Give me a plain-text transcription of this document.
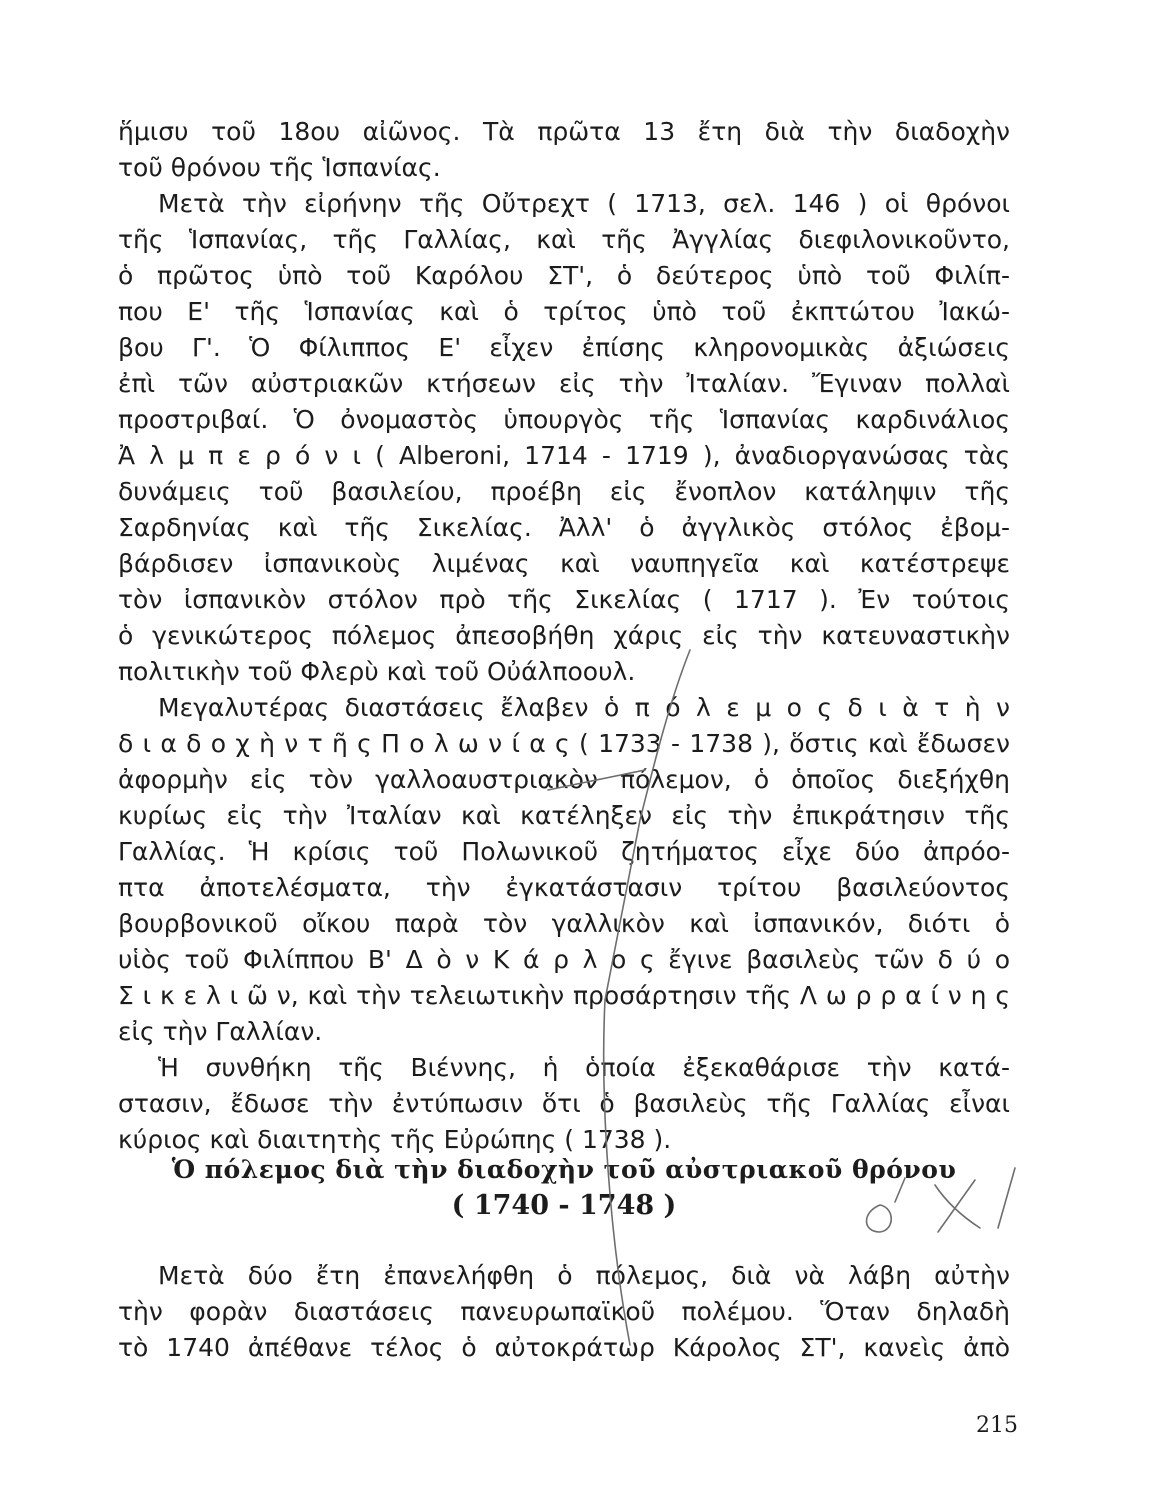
ἥμισυ τοῦ 18ου αἰῶνος. Τὰ πρῶτα 13 ἔτη διὰ τὴν διαδοχὴν
τοῦ θρόνου τῆς Ἱσπανίας.
Μετὰ τὴν εἰρήνην τῆς Οὔτρεχτ ( 1713, σελ. 146 ) οἱ θρόνοι
τῆς Ἱσπανίας, τῆς Γαλλίας, καὶ τῆς Ἀγγλίας διεφιλονικοῦντο,
ὁ πρῶτος ὑπὸ τοῦ Καρόλου ΣΤ', ὁ δεύτερος ὑπὸ τοῦ Φιλίπ-
που Ε' τῆς Ἱσπανίας καὶ ὁ τρίτος ὑπὸ τοῦ ἐκπτώτου Ἰακώ-
βου Γ'. Ὁ Φίλιππος Ε' εἶχεν ἐπίσης κληρονομικὰς ἀξιώσεις
ἐπὶ τῶν αὐστριακῶν κτήσεων εἰς τὴν Ἰταλίαν. Ἔγιναν πολλαὶ
προστριβαί. Ὁ ὀνομαστὸς ὑπουργὸς τῆς Ἱσπανίας καρδινάλιος
Ἀ λ μ π ε ρ ό ν ι ( Alberoni, 1714 - 1719 ), ἀναδιοργανώσας τὰς
δυνάμεις τοῦ βασιλείου, προέβη εἰς ἔνοπλον κατάληψιν τῆς
Σαρδηνίας καὶ τῆς Σικελίας. Ἀλλ' ὁ ἀγγλικὸς στόλος ἐβομ-
βάρδισεν ἰσπανικοὺς λιμένας καὶ ναυπηγεῖα καὶ κατέστρεψε
τὸν ἰσπανικὸν στόλον πρὸ τῆς Σικελίας ( 1717 ). Ἐν τούτοις
ὁ γενικώτερος πόλεμος ἀπεσοβήθη χάρις εἰς τὴν κατευναστικὴν
πολιτικὴν τοῦ Φλερὺ καὶ τοῦ Οὐάλποουλ.
Μεγαλυτέρας διαστάσεις ἔλαβεν ὁ π ό λ ε μ ο ς δ ι ὰ τ ὴ ν
δ ι α δ ο χ ὴ ν τ ῆ ς Π ο λ ω ν ί α ς ( 1733 - 1738 ), ὅστις καὶ ἔδωσεν
ἀφορμὴν εἰς τὸν γαλλοαυστριακὸν πόλεμον, ὁ ὁποῖος διεξήχθη
κυρίως εἰς τὴν Ἰταλίαν καὶ κατέληξεν εἰς τὴν ἐπικράτησιν τῆς
Γαλλίας. Ἡ κρίσις τοῦ Πολωνικοῦ ζητήματος εἶχε δύο ἀπρόο-
πτα ἀποτελέσματα, τὴν ἐγκατάστασιν τρίτου βασιλεύοντος
βουρβονικοῦ οἴκου παρὰ τὸν γαλλικὸν καὶ ἰσπανικόν, διότι ὁ
υἱὸς τοῦ Φιλίππου Β' Δ ὸ ν Κ ά ρ λ ο ς ἔγινε βασιλεὺς τῶν δ ύ ο
Σ ι κ ε λ ι ῶ ν, καὶ τὴν τελειωτικὴν προσάρτησιν τῆς Λ ω ρ ρ α ί ν η ς
εἰς τὴν Γαλλίαν.
Ἡ συνθήκη τῆς Βιέννης, ἡ ὁποία ἐξεκαθάρισε τὴν κατά-
στασιν, ἔδωσε τὴν ἐντύπωσιν ὅτι ὁ βασιλεὺς τῆς Γαλλίας εἶναι
κύριος καὶ διαιτητὴς τῆς Εὐρώπης ( 1738 ).
Ὁ πόλεμος διὰ τὴν διαδοχὴν τοῦ αὐστριακοῦ θρόνου
( 1740 - 1748 )
Μετὰ δύο ἔτη ἐπανελήφθη ὁ πόλεμος, διὰ νὰ λάβη αὐτὴν
τὴν φορὰν διαστάσεις πανευρωπαϊκοῦ πολέμου. Ὅταν δηλαδὴ
τὸ 1740 ἀπέθανε τέλος ὁ αὐτοκράτωρ Κάρολος ΣΤ', κανεὶς ἀπὸ
215
